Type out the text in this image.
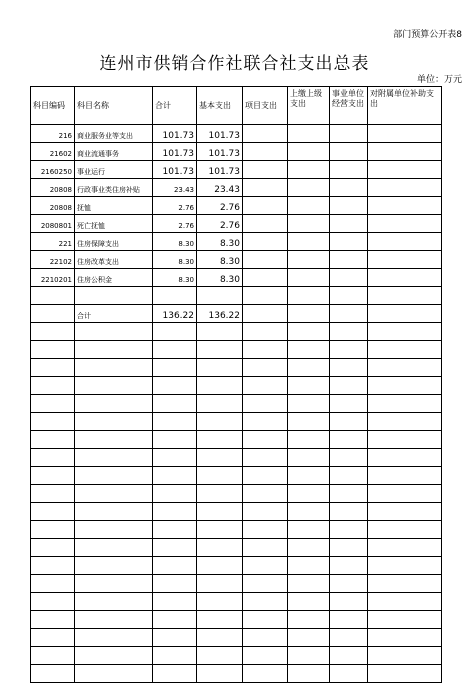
部门预算公开表8
连州市供销合作社联合社支出总表
单位：万元
科目编码	科目名称	合计	基本支出	项目支出	上缴上级支出	事业单位经营支出	对附属单位补助支出
216	商业服务业等支出	101.73	101.73				
21602	商业流通事务	101.73	101.73				
2160250	事业运行	101.73	101.73				
20808	行政事业类住房补贴	23.43	23.43				
20808	抚恤	2.76	2.76				
2080801	死亡抚恤	2.76	2.76				
221	住房保障支出	8.30	8.30				
22102	住房改革支出	8.30	8.30				
2210201	住房公积金	8.30	8.30				

	合计	136.22	136.22				
